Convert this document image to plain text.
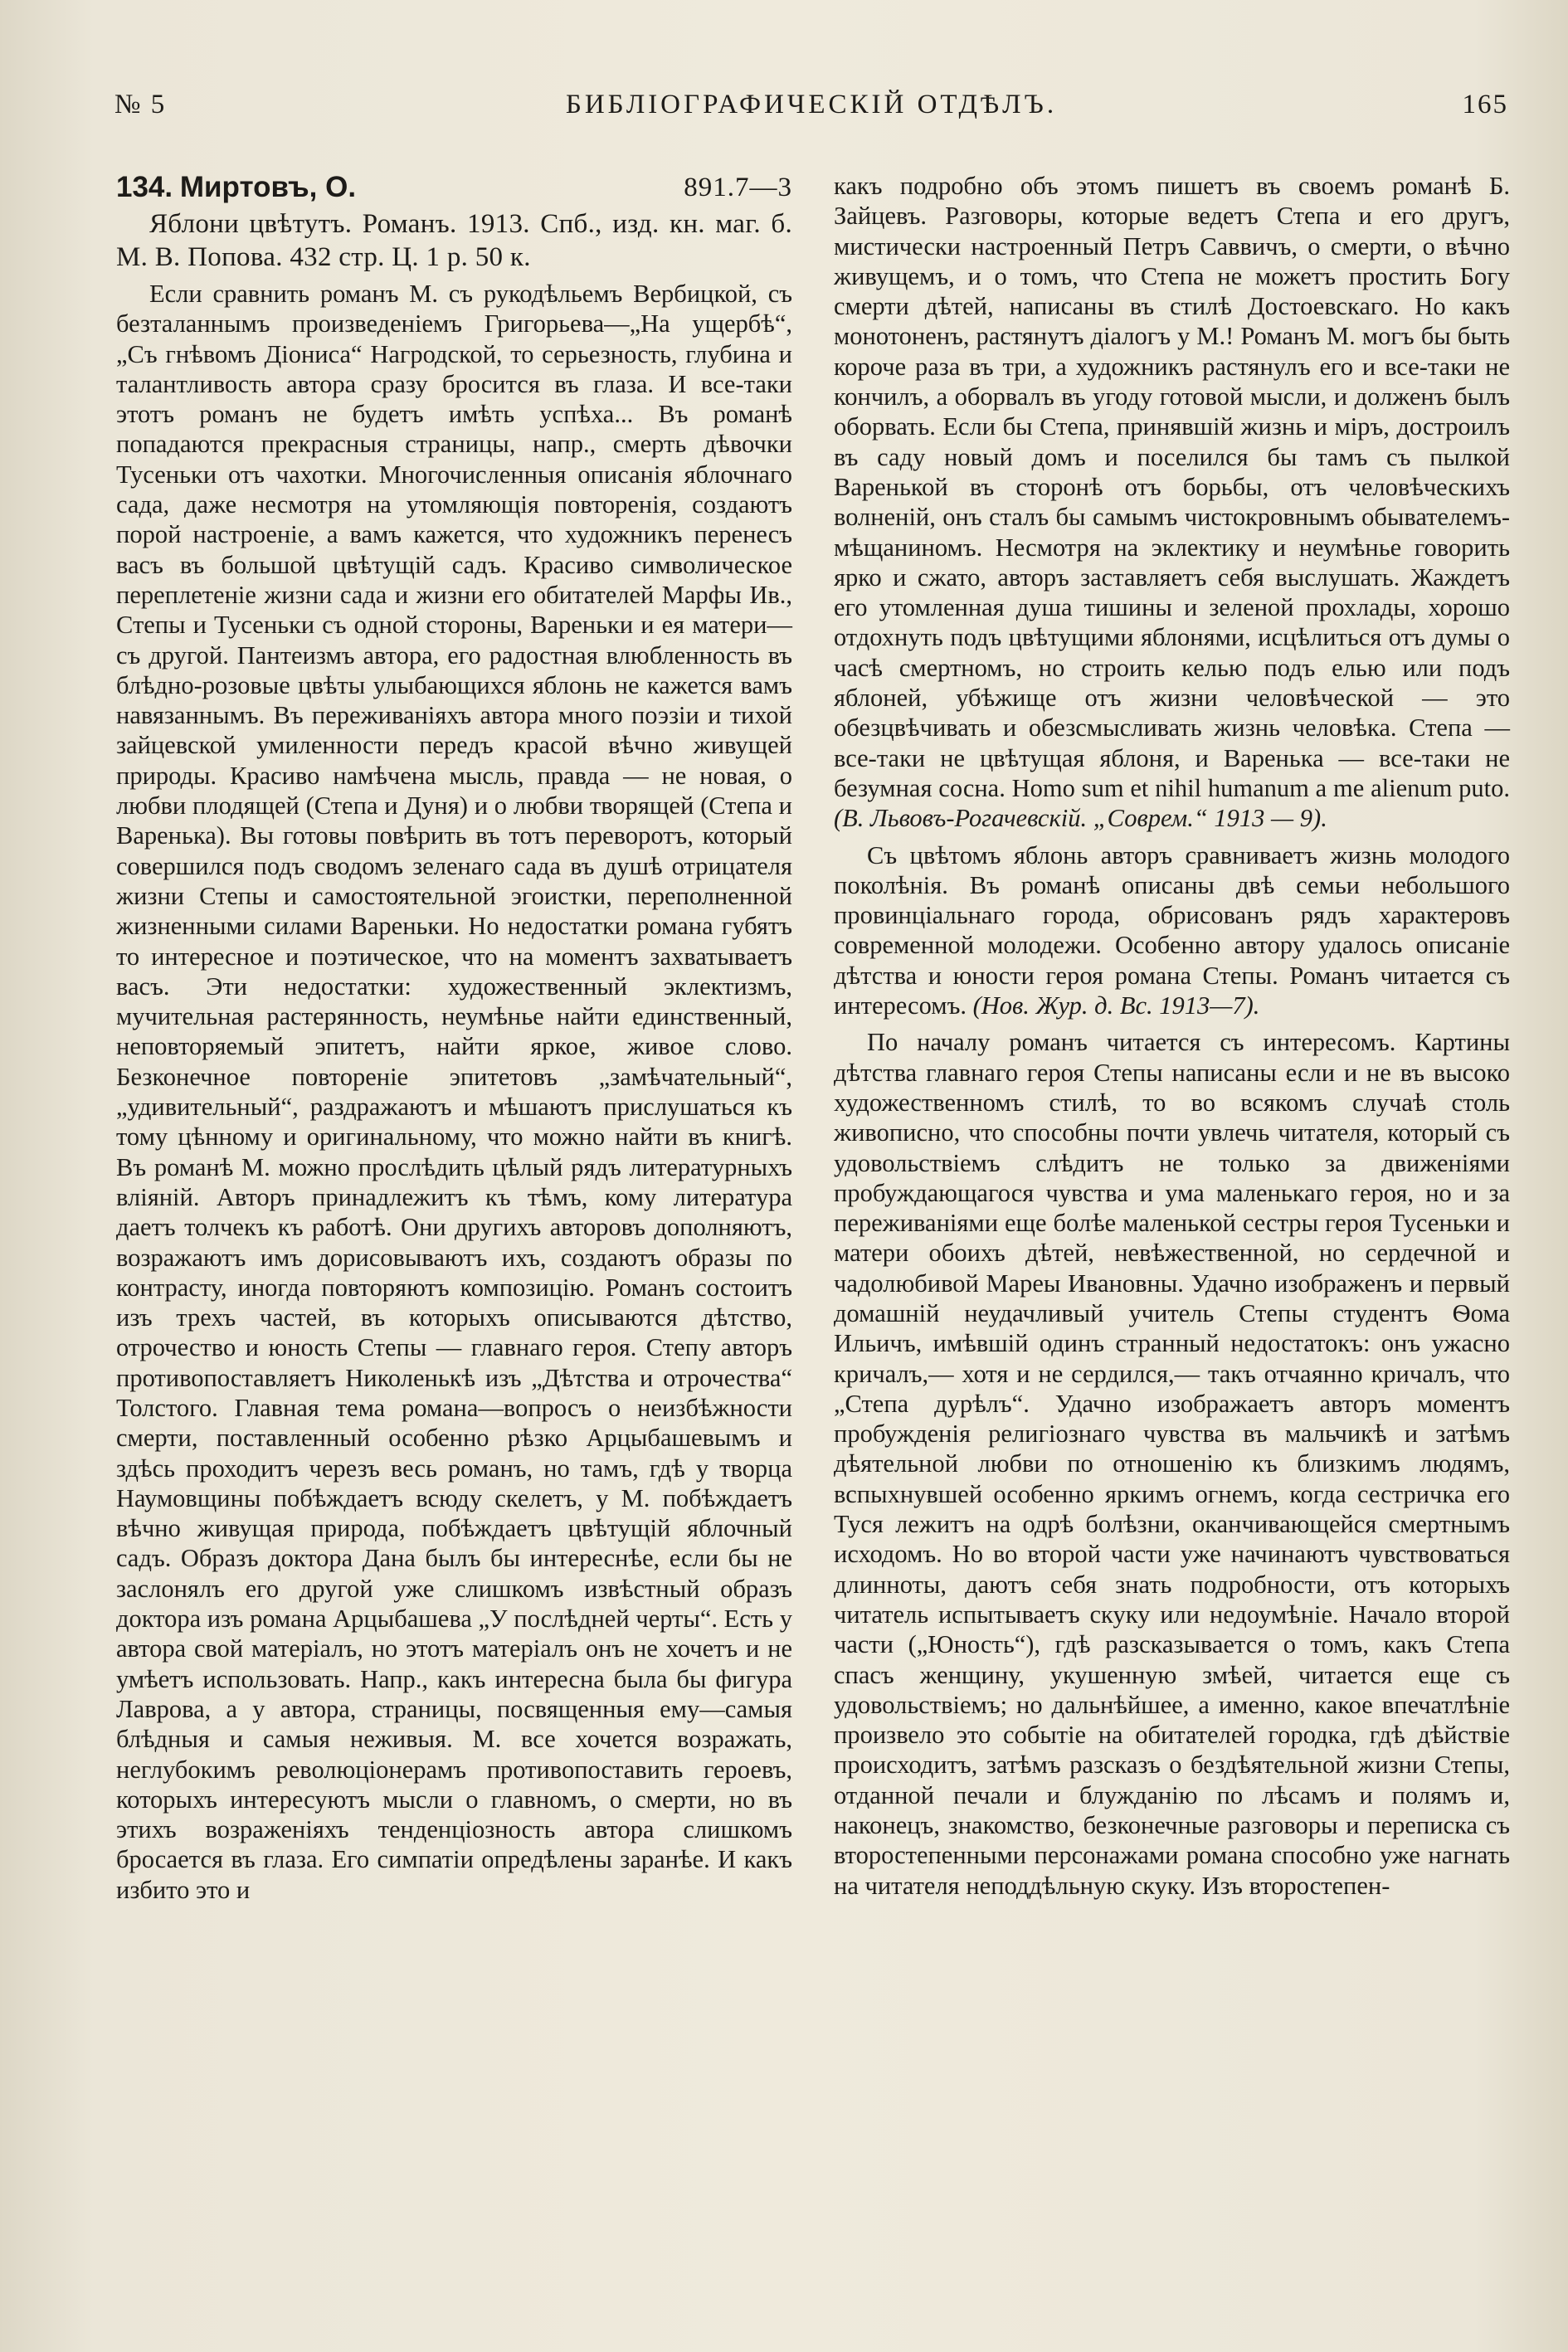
№ 5	БИБЛІОГРАФИЧЕСКІЙ ОТДѢЛЪ.	165
134. Миртовъ, О.	891.7—3
Яблони цвѣтутъ. Романъ. 1913. Спб., изд. кн. маг. б. М. В. Попова. 432 стр. Ц. 1 р. 50 к.

Если сравнить романъ М. съ рукодѣльемъ Вербицкой, съ безталаннымъ произведеніемъ Григорьева—„На ущербѣ“, „Съ гнѣвомъ Діониса“ Нагродской, то серьезность, глубина и талантливость автора сразу бросится въ глаза. И все-таки этотъ романъ не будетъ имѣть успѣха... Въ романѣ попадаются прекрасныя страницы, напр., смерть дѣвочки Тусеньки отъ чахотки. Многочисленныя описанія яблочнаго сада, даже несмотря на утомляющія повторенія, создаютъ порой настроеніе, а вамъ кажется, что художникъ перенесъ васъ въ большой цвѣтущій садъ. Красиво символическое переплетеніе жизни сада и жизни его обитателей Марфы Ив., Степы и Тусеньки съ одной стороны, Вареньки и ея матери—съ другой. Пантеизмъ автора, его радостная влюбленность въ блѣдно-розовые цвѣты улыбающихся яблонь не кажется вамъ навязаннымъ. Въ переживаніяхъ автора много поэзіи и тихой зайцевской умиленности передъ красой вѣчно живущей природы. Красиво намѣчена мысль, правда — не новая, о любви плодящей (Степа и Дуня) и о любви творящей (Степа и Варенька). Вы готовы повѣрить въ тотъ переворотъ, который совершился подъ сводомъ зеленаго сада въ душѣ отрицателя жизни Степы и самостоятельной эгоистки, переполненной жизненными силами Вареньки. Но недостатки романа губятъ то интересное и поэтическое, что на моментъ захватываетъ васъ. Эти недостатки: художественный эклектизмъ, мучительная растерянность, неумѣнье найти единственный, неповторяемый эпитетъ, найти яркое, живое слово. Безконечное повтореніе эпитетовъ „замѣчательный“, „удивительный“, раздражаютъ и мѣшаютъ прислушаться къ тому цѣнному и оригинальному, что можно найти въ книгѣ. Въ романѣ М. можно прослѣдить цѣлый рядъ литературныхъ вліяній. Авторъ принадлежитъ къ тѣмъ, кому литература даетъ толчекъ къ работѣ. Они другихъ авторовъ дополняютъ, возражаютъ имъ дорисовываютъ ихъ, создаютъ образы по контрасту, иногда повторяютъ композицію. Романъ состоитъ изъ трехъ частей, въ которыхъ описываются дѣтство, отрочество и юность Степы — главнаго героя. Степу авторъ противопоставляетъ Николенькѣ изъ „Дѣтства и отрочества“ Толстого. Главная тема романа—вопросъ о неизбѣжности смерти, поставленный особенно рѣзко Арцыбашевымъ и здѣсь проходитъ черезъ весь романъ, но тамъ, гдѣ у творца Наумовщины побѣждаетъ всюду скелетъ, у М. побѣждаетъ вѣчно живущая природа, побѣждаетъ цвѣтущій яблочный садъ. Образъ доктора Дана былъ бы интереснѣе, если бы не заслонялъ его другой уже слишкомъ извѣстный образъ доктора изъ романа Арцыбашева „У послѣдней черты“. Есть у автора свой матеріалъ, но этотъ матеріалъ онъ не хочетъ и не умѣетъ использовать. Напр., какъ интересна была бы фигура Лаврова, а у автора, страницы, посвященныя ему—самыя блѣдныя и самыя неживыя. М. все хочется возражать, неглубокимъ революціонерамъ противопоставить героевъ, которыхъ интересуютъ мысли о главномъ, о смерти, но въ этихъ возраженіяхъ тенденціозность автора слишкомъ бросается въ глаза. Его симпатіи опредѣлены заранѣе. И какъ избито это и

какъ подробно объ этомъ пишетъ въ своемъ романѣ Б. Зайцевъ. Разговоры, которые ведетъ Степа и его другъ, мистически настроенный Петръ Саввичъ, о смерти, о вѣчно живущемъ, и о томъ, что Степа не можетъ простить Богу смерти дѣтей, написаны въ стилѣ Достоевскаго. Но какъ монотоненъ, растянутъ діалогъ у М.! Романъ М. могъ бы быть короче раза въ три, а художникъ растянулъ его и все-таки не кончилъ, а оборвалъ въ угоду готовой мысли, и долженъ былъ оборвать. Если бы Степа, принявшій жизнь и міръ, достроилъ въ саду новый домъ и поселился бы тамъ съ пылкой Варенькой въ сторонѣ отъ борьбы, отъ человѣческихъ волненій, онъ сталъ бы самымъ чистокровнымъ обывателемъ-мѣщаниномъ. Несмотря на эклектику и неумѣнье говорить ярко и сжато, авторъ заставляетъ себя выслушать. Жаждетъ его утомленная душа тишины и зеленой прохлады, хорошо отдохнуть подъ цвѣтущими яблонями, исцѣлиться отъ думы о часѣ смертномъ, но строить келью подъ елью или подъ яблоней, убѣжище отъ жизни человѣческой — это обезцвѣчивать и обезсмысливать жизнь человѣка. Степа — все-таки не цвѣтущая яблоня, и Варенька — все-таки не безумная сосна. Homo sum et nihil humanum a me alienum puto. (В. Львовъ-Рогачевскій. „Соврем.“ 1913 — 9).

Съ цвѣтомъ яблонь авторъ сравниваетъ жизнь молодого поколѣнія. Въ романѣ описаны двѣ семьи небольшого провинціальнаго города, обрисованъ рядъ характеровъ современной молодежи. Особенно автору удалось описаніе дѣтства и юности героя романа Степы. Романъ читается съ интересомъ. (Нов. Жур. д. Вс. 1913—7).

По началу романъ читается съ интересомъ. Картины дѣтства главнаго героя Степы написаны если и не въ высоко художественномъ стилѣ, то во всякомъ случаѣ столь живописно, что способны почти увлечь читателя, который съ удовольствіемъ слѣдитъ не только за движеніями пробуждающагося чувства и ума маленькаго героя, но и за переживаніями еще болѣе маленькой сестры героя Тусеньки и матери обоихъ дѣтей, невѣжественной, но сердечной и чадолюбивой Мареы Ивановны. Удачно изображенъ и первый домашній неудачливый учитель Степы студентъ Ѳома Ильичъ, имѣвшій одинъ странный недостатокъ: онъ ужасно кричалъ,— хотя и не сердился,— такъ отчаянно кричалъ, что „Степа дурѣлъ“. Удачно изображаетъ авторъ моментъ пробужденія религіознаго чувства въ мальчикѣ и затѣмъ дѣятельной любви по отношенію къ близкимъ людямъ, вспыхнувшей особенно яркимъ огнемъ, когда сестричка его Туся лежитъ на одрѣ болѣзни, оканчивающейся смертнымъ исходомъ. Но во второй части уже начинаютъ чувствоваться длинноты, даютъ себя знать подробности, отъ которыхъ читатель испытываетъ скуку или недоумѣніе. Начало второй части („Юность“), гдѣ разсказывается о томъ, какъ Степа спасъ женщину, укушенную змѣей, читается еще съ удовольствіемъ; но дальнѣйшее, а именно, какое впечатлѣніе произвело это событіе на обитателей городка, гдѣ дѣйствіе происходитъ, затѣмъ разсказъ о бездѣятельной жизни Степы, отданной печали и блужданію по лѣсамъ и полямъ и, наконецъ, знакомство, безконечные разговоры и переписка съ второстепенными персонажами романа способно уже нагнать на читателя неподдѣльную скуку. Изъ второстепен-
